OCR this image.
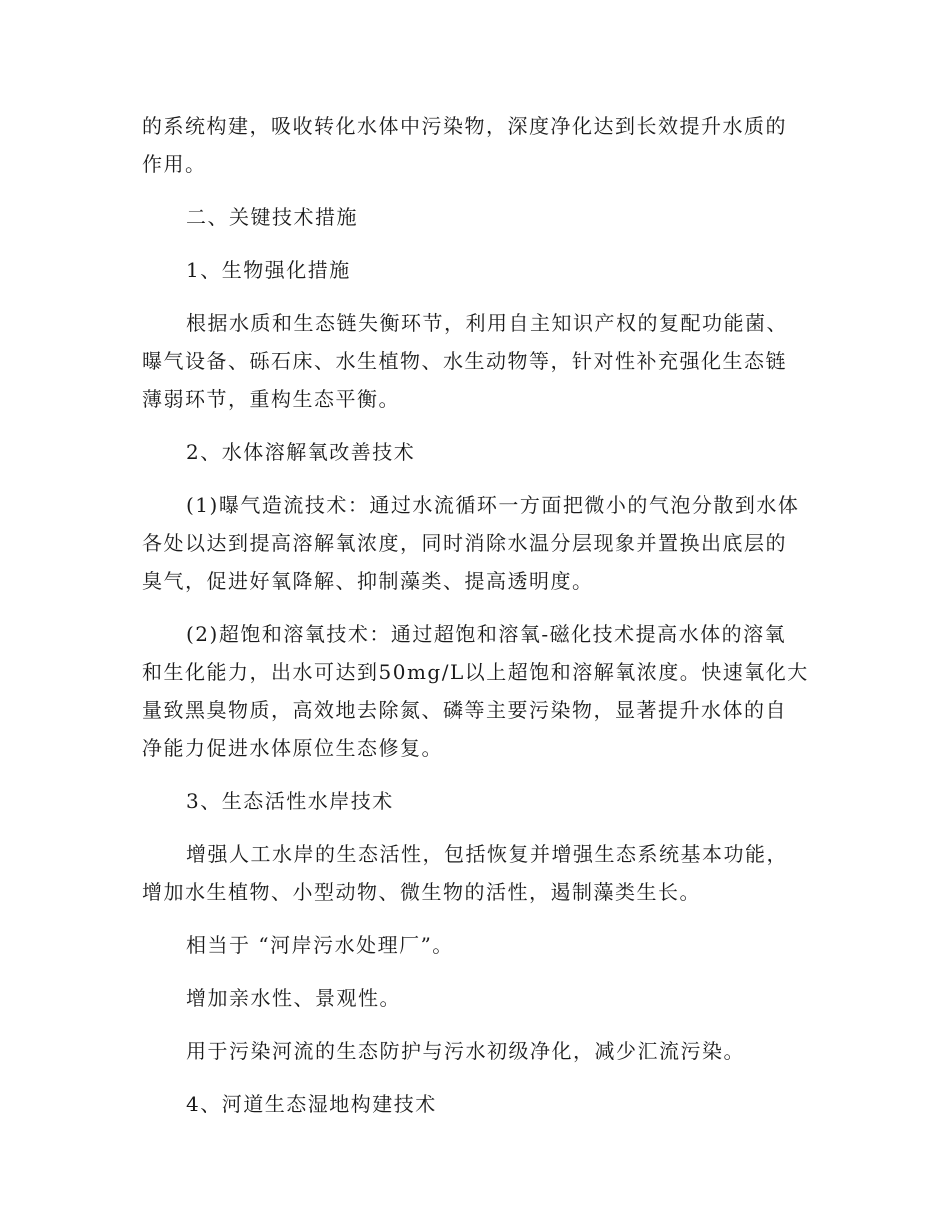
的系统构建，吸收转化水体中污染物，深度净化达到长效提升水质的
作用。
二、关键技术措施
1、生物强化措施
根据水质和生态链失衡环节，利用自主知识产权的复配功能菌、
曝气设备、砾石床、水生植物、水生动物等，针对性补充强化生态链
薄弱环节，重构生态平衡。
2、水体溶解氧改善技术
(1)曝气造流技术：通过水流循环一方面把微小的气泡分散到水体
各处以达到提高溶解氧浓度，同时消除水温分层现象并置换出底层的
臭气，促进好氧降解、抑制藻类、提高透明度。
(2)超饱和溶氧技术：通过超饱和溶氧-磁化技术提高水体的溶氧
和生化能力，出水可达到50mg/L以上超饱和溶解氧浓度。快速氧化大
量致黑臭物质，高效地去除氮、磷等主要污染物，显著提升水体的自
净能力促进水体原位生态修复。
3、生态活性水岸技术
增强人工水岸的生态活性，包括恢复并增强生态系统基本功能，
增加水生植物、小型动物、微生物的活性，遏制藻类生长。
相当于 “河岸污水处理厂”。
增加亲水性、景观性。
用于污染河流的生态防护与污水初级净化，减少汇流污染。
4、河道生态湿地构建技术
